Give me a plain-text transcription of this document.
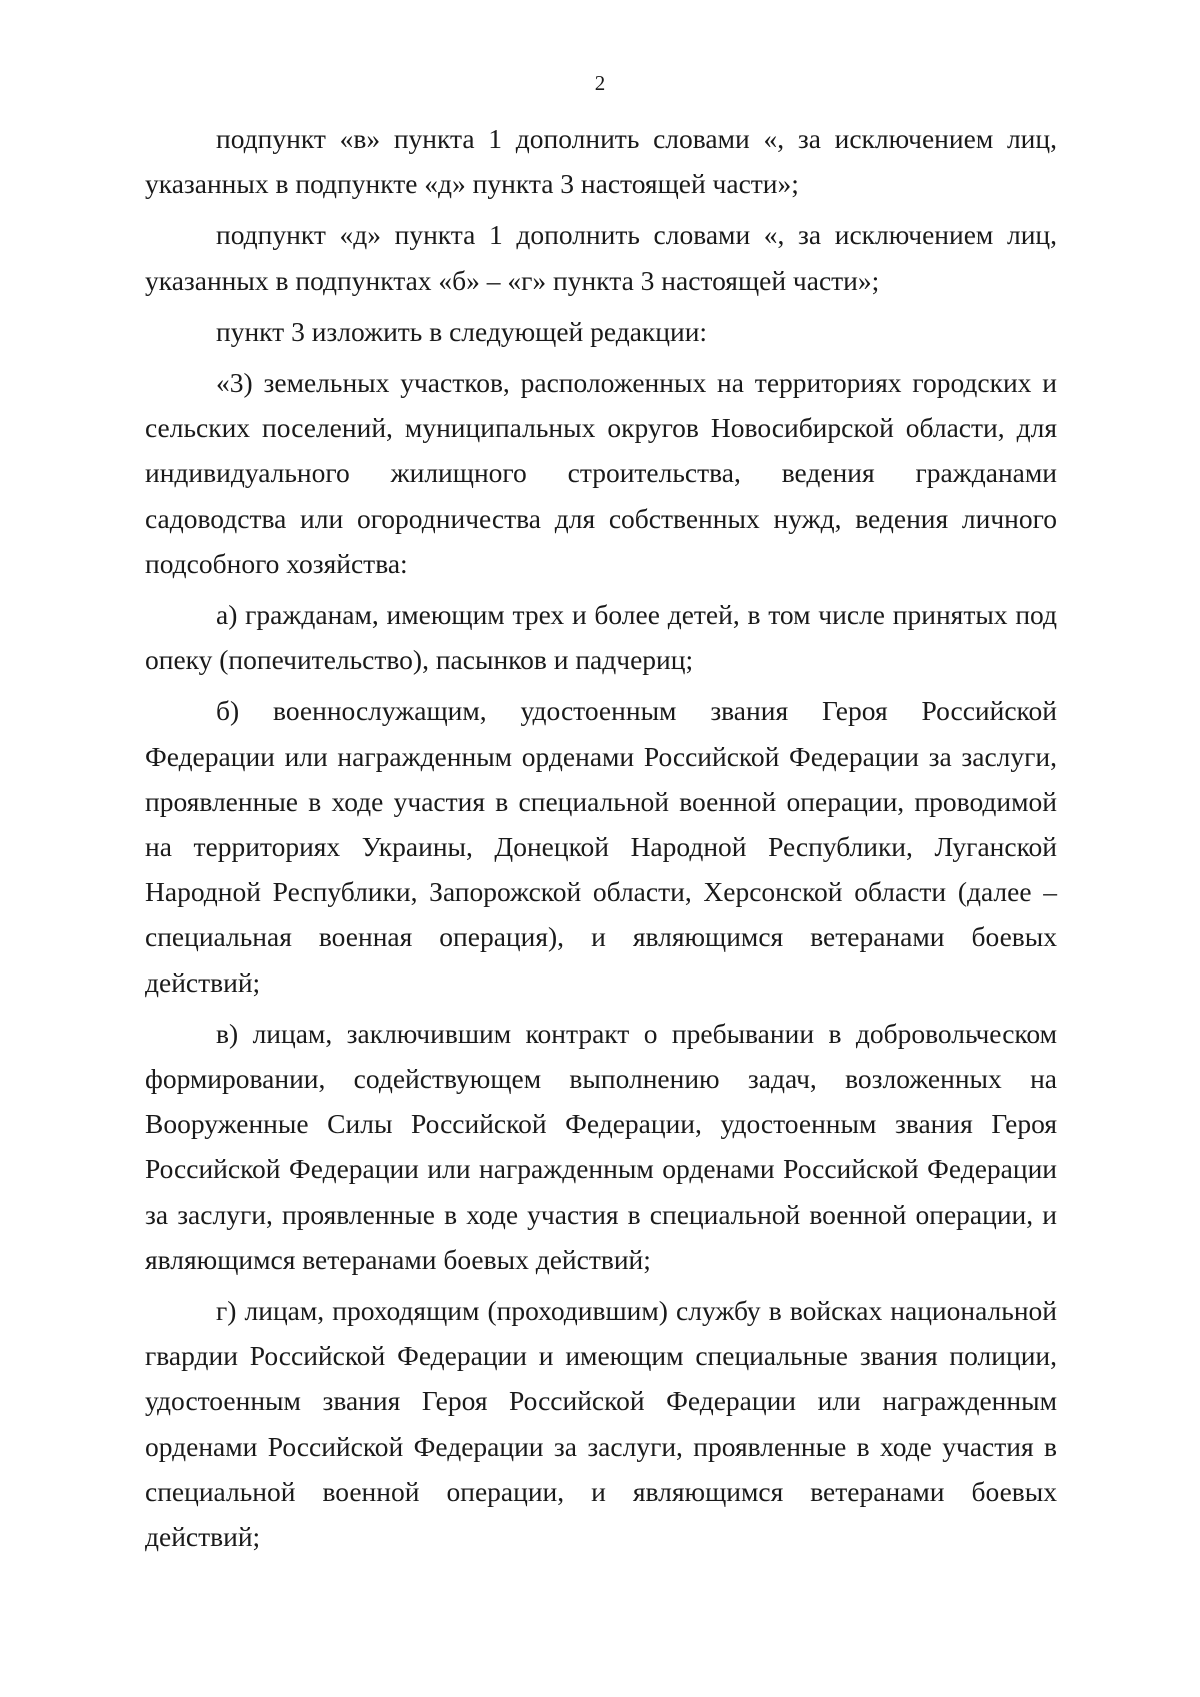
2

подпункт «в» пункта 1 дополнить словами «, за исключением лиц, указанных в подпункте «д» пункта 3 настоящей части»;

подпункт «д» пункта 1 дополнить словами «, за исключением лиц, указанных в подпунктах «б» – «г» пункта 3 настоящей части»;

пункт 3 изложить в следующей редакции:

«3) земельных участков, расположенных на территориях городских и сельских поселений, муниципальных округов Новосибирской области, для индивидуального жилищного строительства, ведения гражданами садоводства или огородничества для собственных нужд, ведения личного подсобного хозяйства:

а) гражданам, имеющим трех и более детей, в том числе принятых под опеку (попечительство), пасынков и падчериц;

б) военнослужащим, удостоенным звания Героя Российской Федерации или награжденным орденами Российской Федерации за заслуги, проявленные в ходе участия в специальной военной операции, проводимой на территориях Украины, Донецкой Народной Республики, Луганской Народной Республики, Запорожской области, Херсонской области (далее – специальная военная операция), и являющимся ветеранами боевых действий;

в) лицам, заключившим контракт о пребывании в добровольческом формировании, содействующем выполнению задач, возложенных на Вооруженные Силы Российской Федерации, удостоенным звания Героя Российской Федерации или награжденным орденами Российской Федерации за заслуги, проявленные в ходе участия в специальной военной операции, и являющимся ветеранами боевых действий;

г) лицам, проходящим (проходившим) службу в войсках национальной гвардии Российской Федерации и имеющим специальные звания полиции, удостоенным звания Героя Российской Федерации или награжденным орденами Российской Федерации за заслуги, проявленные в ходе участия в специальной военной операции, и являющимся ветеранами боевых действий;
